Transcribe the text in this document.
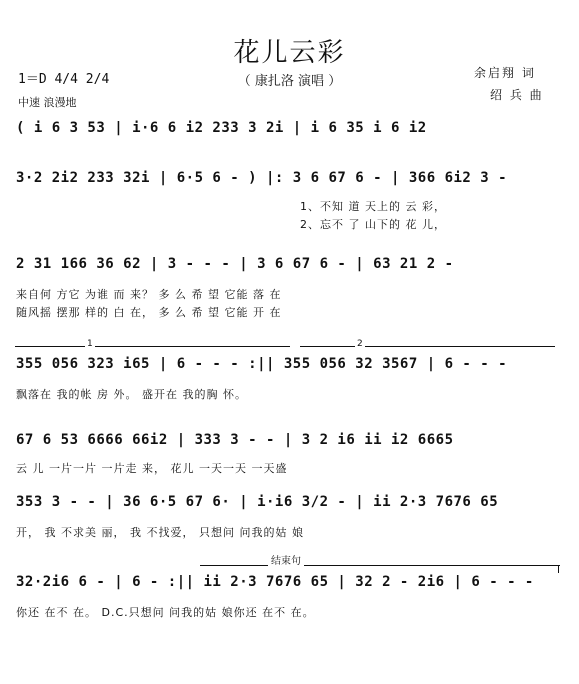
花儿云彩
（ 康扎洛 演唱 ）
1＝D 4/4 2/4
中速 浪漫地
余启翔 词
绍 兵 曲
( i 6 3 53 | i·6 6 i2 233 3 2i | i 6 35 i 6 i2
3·2 2i2 233 32i | 6·5 6 - ) |: 3 6 67 6 - | 366 6i2 3 -
1、不知 道 天上的 云 彩，
2、忘不 了 山下的 花 儿，
2 31 166 36 62 | 3 - - - | 3 6 67 6 - | 63 21 2 -
来自何 方它 为谁 而 来？ 多 么 希 望 它能 落 在
随风摇 摆那 样的 白 在， 多 么 希 望 它能 开 在
1	2
355 056 323 i65 | 6 - - - :|| 355 056 32 3567 | 6 - - -
飘落在 我的帐 房 外。 盛开在 我的胸 怀。
67 6 53 6666 66i2 | 333 3 - - | 3 2 i6 ii i2 6665
云 儿 一片一片 一片走 来， 花儿 一天一天 一天盛
353 3 - - | 36 6·5 67 6· | i·i6 3/2 - | ii 2·3 7676 65
开， 我 不求美 丽， 我 不找爱， 只想问 问我的姑 娘
结束句
32·2i6 6 - | 6 - :|| ii 2·3 7676 65 | 32 2 - 2i6 | 6 - - -
你还 在不 在。 D.C.只想问 问我的姑 娘你还 在不 在。
